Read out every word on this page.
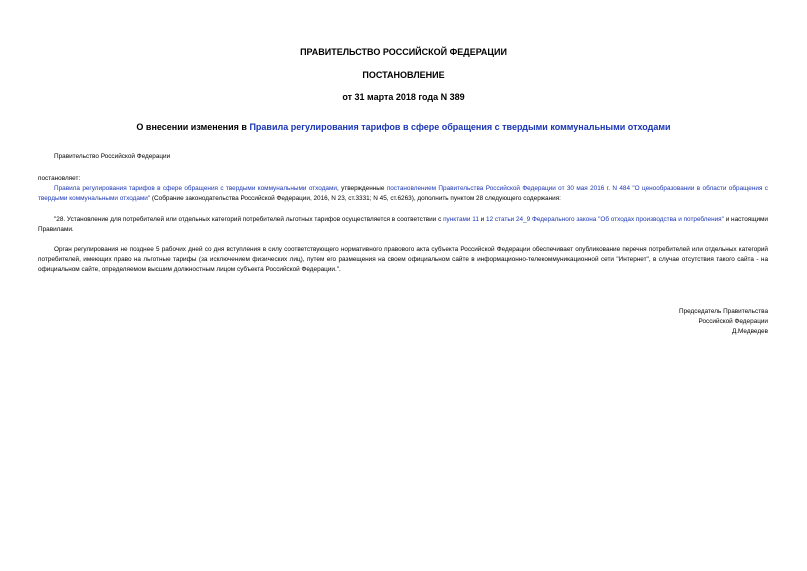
ПРАВИТЕЛЬСТВО РОССИЙСКОЙ ФЕДЕРАЦИИ
ПОСТАНОВЛЕНИЕ
от 31 марта 2018 года N 389
О внесении изменения в Правила регулирования тарифов в сфере обращения с твердыми коммунальными отходами
Правительство Российской Федерации
постановляет:
Правила регулирования тарифов в сфере обращения с твердыми коммунальными отходами, утвержденные постановлением Правительства Российской Федерации от 30 мая 2016 г. N 484 "О ценообразовании в области обращения с твердыми коммунальными отходами" (Собрание законодательства Российской Федерации, 2016, N 23, ст.3331; N 45, ст.6263), дополнить пунктом 28 следующего содержания:
"28. Установление для потребителей или отдельных категорий потребителей льготных тарифов осуществляется в соответствии с пунктами 11 и 12 статьи 24_9 Федерального закона "Об отходах производства и потребления" и настоящими Правилами.
Орган регулирования не позднее 5 рабочих дней со дня вступления в силу соответствующего нормативного правового акта субъекта Российской Федерации обеспечивает опубликование перечня потребителей или отдельных категорий потребителей, имеющих право на льготные тарифы (за исключением физических лиц), путем его размещения на своем официальном сайте в информационно-телекоммуникационной сети "Интернет", в случае отсутствия такого сайта - на официальном сайте, определяемом высшим должностным лицом субъекта Российской Федерации.".
Председатель Правительства
Российской Федерации
Д.Медведев
